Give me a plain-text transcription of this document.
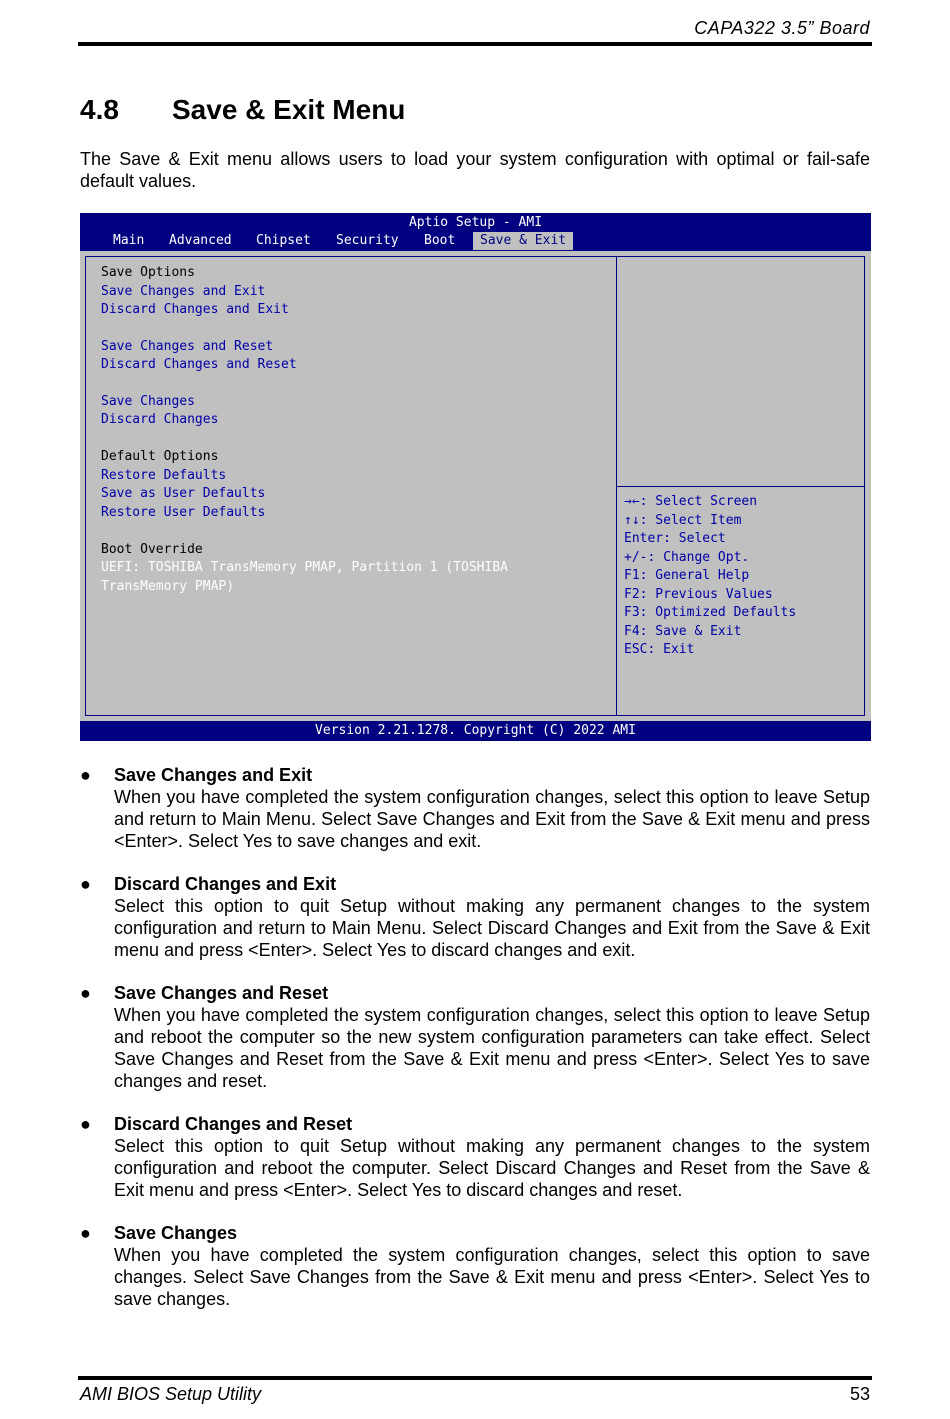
CAPA322 3.5” Board
4.8 Save & Exit Menu
The Save & Exit menu allows users to load your system configuration with optimal or fail-safe default values.
Aptio Setup - AMI
Main	Advanced	Chipset	Security	Boot	Save & Exit
Save Options
Save Changes and Exit
Discard Changes and Exit
Save Changes and Reset
Discard Changes and Reset
Save Changes
Discard Changes
Default Options
Restore Defaults
Save as User Defaults
Restore User Defaults
Boot Override
UEFI: TOSHIBA TransMemory PMAP, Partition 1 (TOSHIBA
TransMemory PMAP)
→←: Select Screen
↑↓: Select Item
Enter: Select
+/-: Change Opt.
F1: General Help
F2: Previous Values
F3: Optimized Defaults
F4: Save & Exit
ESC: Exit
Version 2.21.1278. Copyright (C) 2022 AMI
●	Save Changes and Exit
When you have completed the system configuration changes, select this option to leave Setup and return to Main Menu. Select Save Changes and Exit from the Save & Exit menu and press <Enter>. Select Yes to save changes and exit.
●	Discard Changes and Exit
Select this option to quit Setup without making any permanent changes to the system configuration and return to Main Menu. Select Discard Changes and Exit from the Save & Exit menu and press <Enter>. Select Yes to discard changes and exit.
●	Save Changes and Reset
When you have completed the system configuration changes, select this option to leave Setup and reboot the computer so the new system configuration parameters can take effect. Select Save Changes and Reset from the Save & Exit menu and press <Enter>. Select Yes to save changes and reset.
●	Discard Changes and Reset
Select this option to quit Setup without making any permanent changes to the system configuration and reboot the computer. Select Discard Changes and Reset from the Save & Exit menu and press <Enter>. Select Yes to discard changes and reset.
●	Save Changes
When you have completed the system configuration changes, select this option to save changes. Select Save Changes from the Save & Exit menu and press <Enter>. Select Yes to save changes.
AMI BIOS Setup Utility	53
